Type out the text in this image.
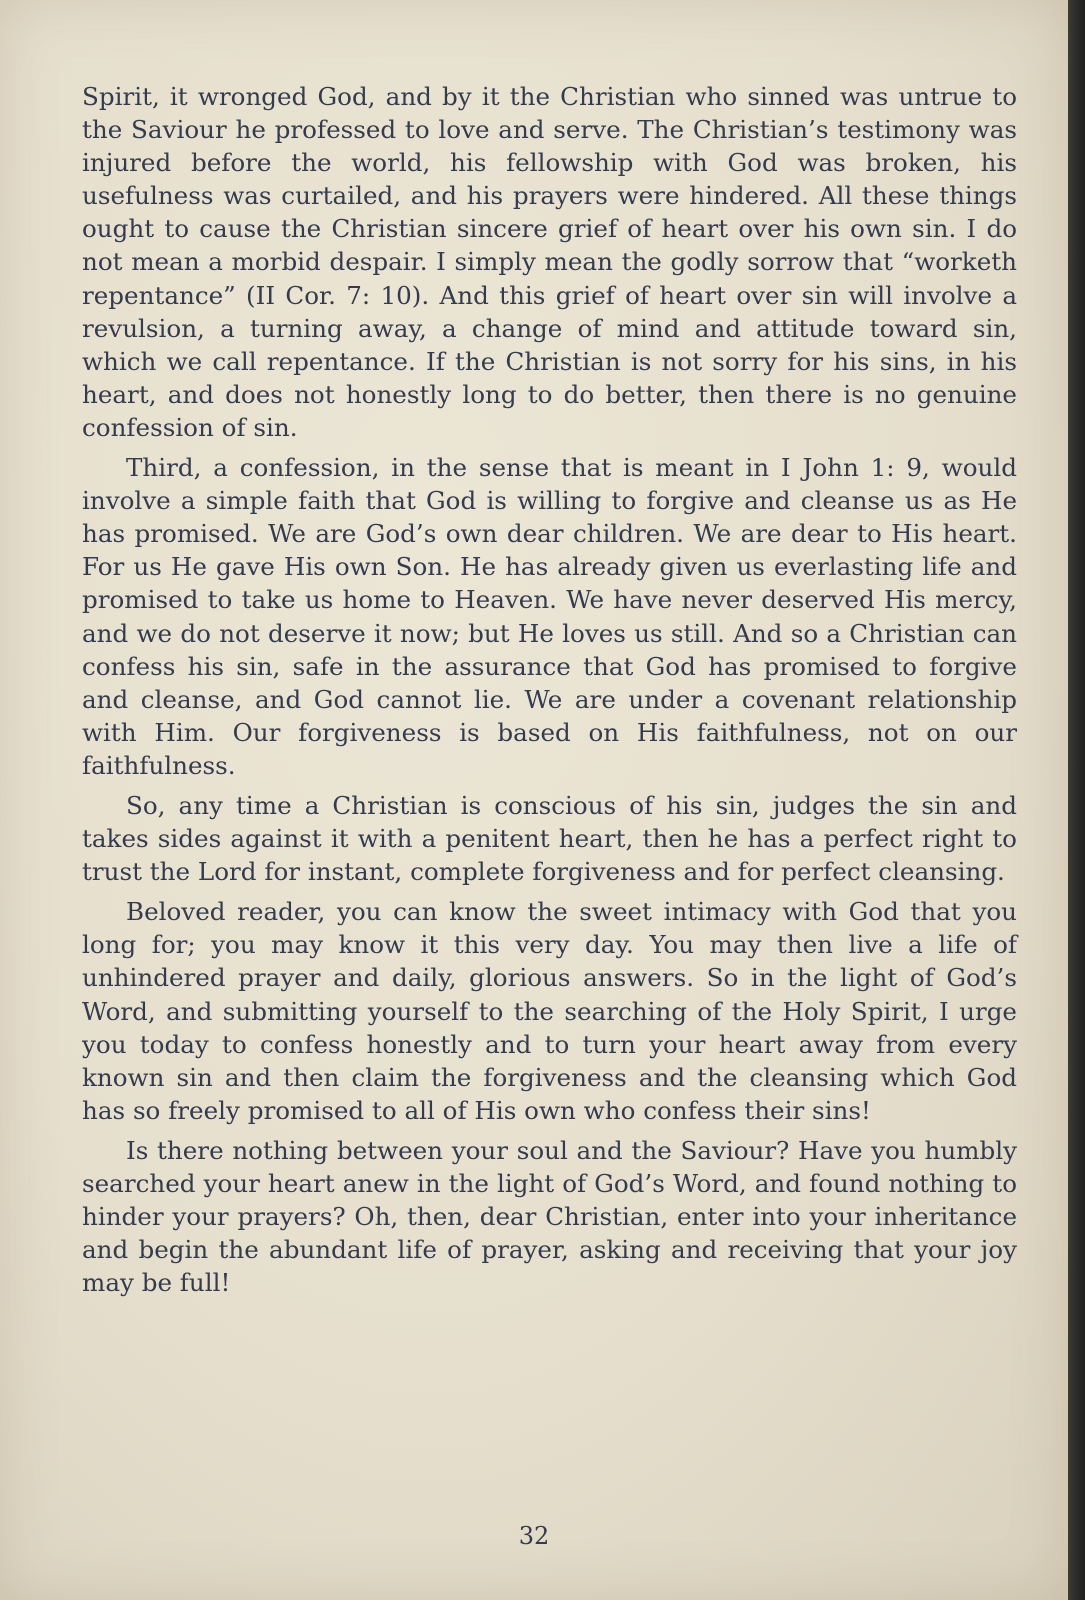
Spirit, it wronged God, and by it the Christian who sinned was untrue to the Saviour he professed to love and serve. The Christian’s testimony was injured before the world, his fellowship with God was broken, his usefulness was curtailed, and his prayers were hindered. All these things ought to cause the Christian sincere grief of heart over his own sin. I do not mean a morbid despair. I simply mean the godly sorrow that “worketh repentance” (II Cor. 7: 10). And this grief of heart over sin will involve a revulsion, a turning away, a change of mind and attitude toward sin, which we call repentance. If the Christian is not sorry for his sins, in his heart, and does not honestly long to do better, then there is no genuine confession of sin.

Third, a confession, in the sense that is meant in I John 1: 9, would involve a simple faith that God is willing to forgive and cleanse us as He has promised. We are God’s own dear children. We are dear to His heart. For us He gave His own Son. He has already given us everlasting life and promised to take us home to Heaven. We have never deserved His mercy, and we do not deserve it now; but He loves us still. And so a Christian can confess his sin, safe in the assurance that God has promised to forgive and cleanse, and God cannot lie. We are under a covenant relationship with Him. Our forgiveness is based on His faithfulness, not on our faithfulness.

So, any time a Christian is conscious of his sin, judges the sin and takes sides against it with a penitent heart, then he has a perfect right to trust the Lord for instant, complete forgiveness and for perfect cleansing.

Beloved reader, you can know the sweet intimacy with God that you long for; you may know it this very day. You may then live a life of unhindered prayer and daily, glorious answers. So in the light of God’s Word, and submitting yourself to the searching of the Holy Spirit, I urge you today to confess honestly and to turn your heart away from every known sin and then claim the forgiveness and the cleansing which God has so freely promised to all of His own who confess their sins!

Is there nothing between your soul and the Saviour? Have you humbly searched your heart anew in the light of God’s Word, and found nothing to hinder your prayers? Oh, then, dear Christian, enter into your inheritance and begin the abundant life of prayer, asking and receiving that your joy may be full!

32
